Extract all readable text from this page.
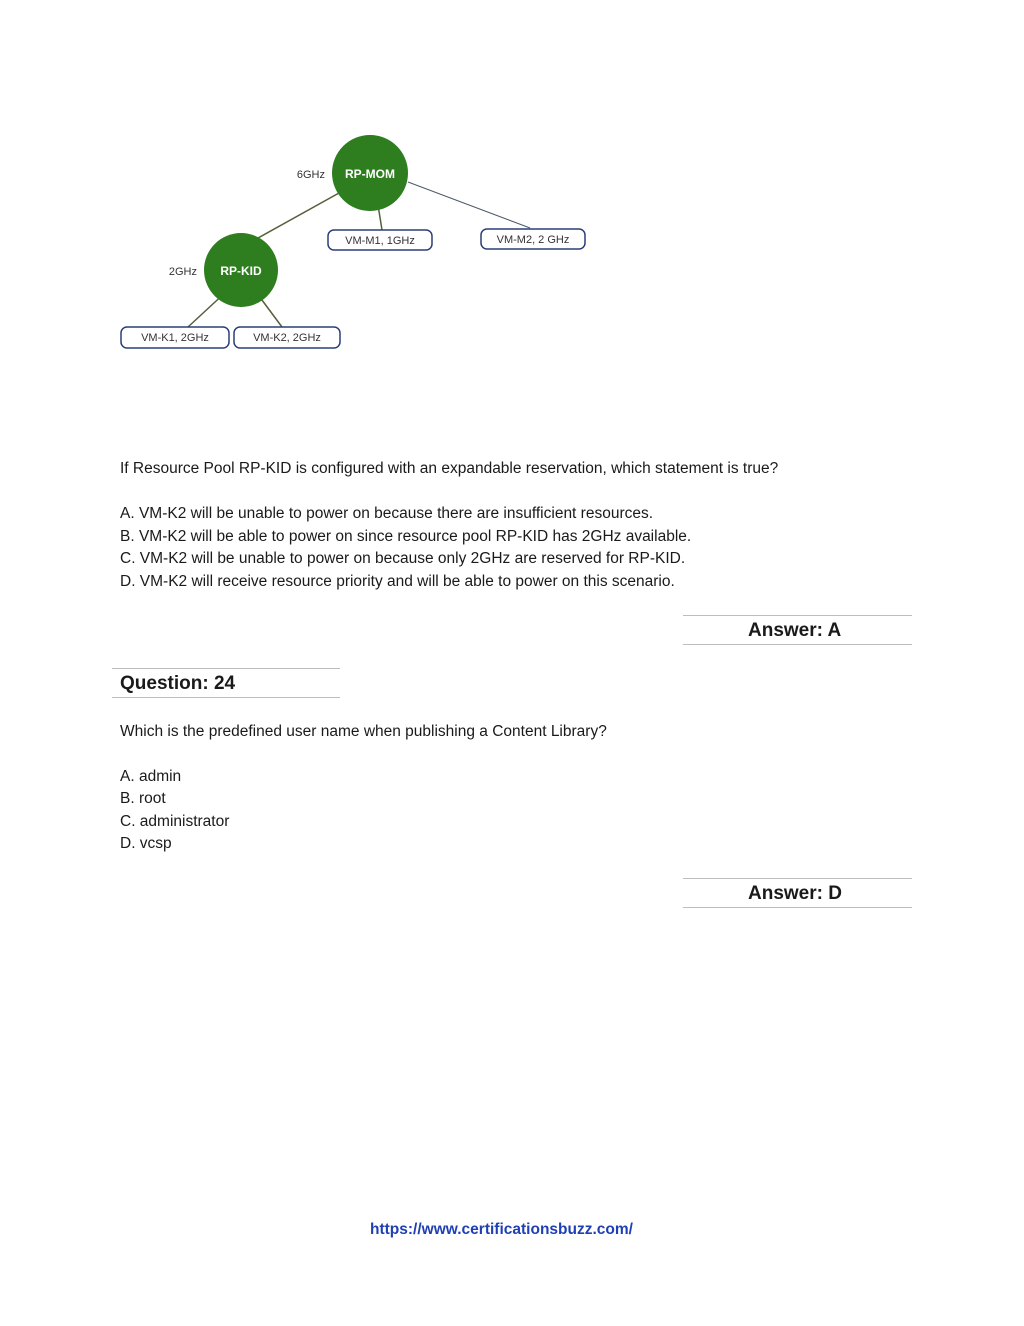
RP-MOM
6GHz
RP-KID
2GHz
VM-M1, 1GHz	VM-M2, 2 GHz
VM-K1, 2GHz	VM-K2, 2GHz
If Resource Pool RP-KID is configured with an expandable reservation, which statement is true?
A. VM-K2 will be unable to power on because there are insufficient resources.
B. VM-K2 will be able to power on since resource pool RP-KID has 2GHz available.
C. VM-K2 will be unable to power on because only 2GHz are reserved for RP-KID.
D. VM-K2 will receive resource priority and will be able to power on this scenario.
Answer: A
Question: 24
Which is the predefined user name when publishing a Content Library?
A. admin
B. root
C. administrator
D. vcsp
Answer: D
https://www.certificationsbuzz.com/
